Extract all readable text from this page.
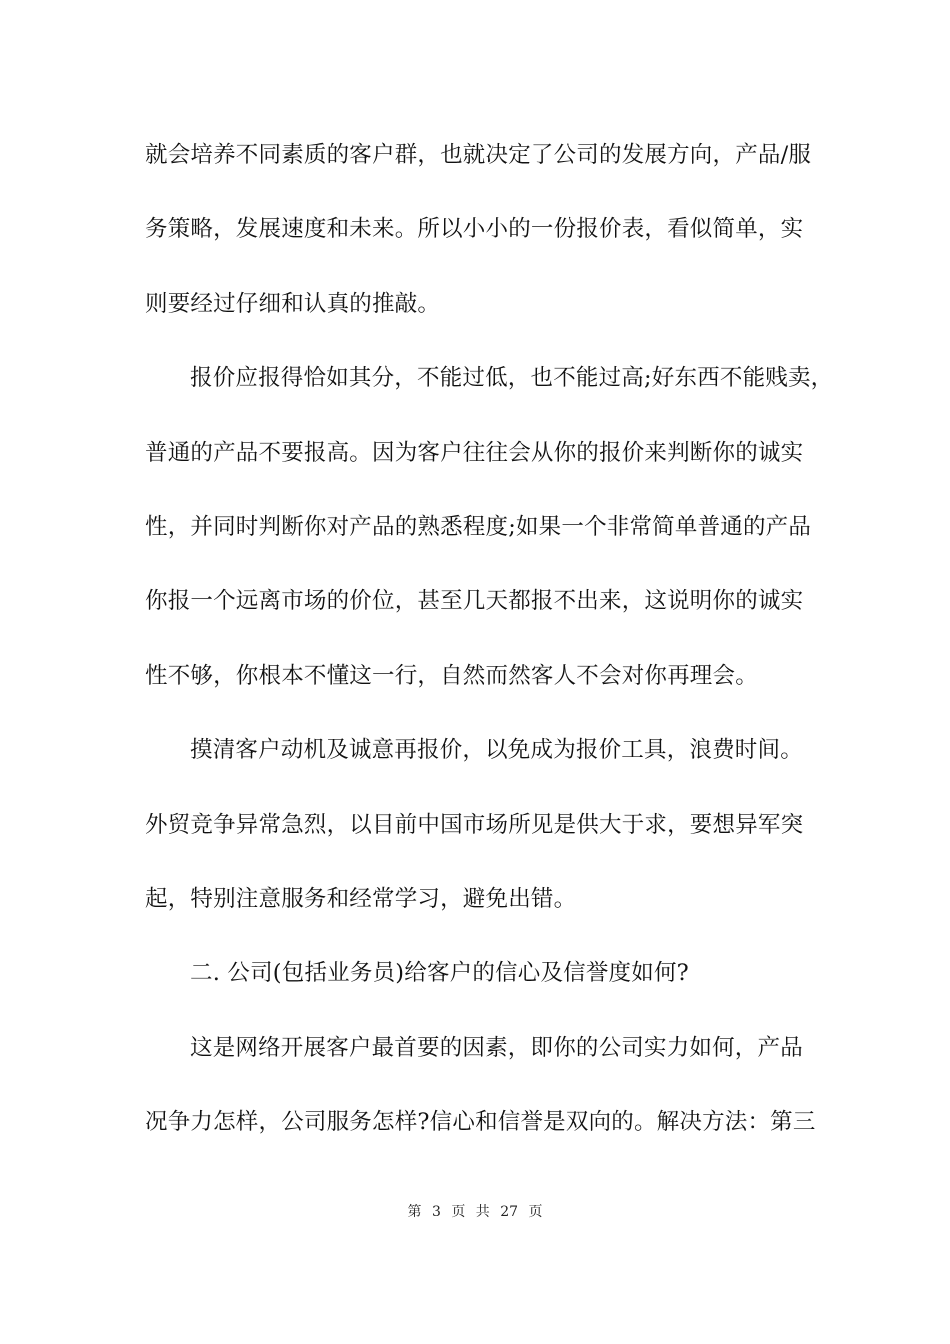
就会培养不同素质的客户群，也就决定了公司的发展方向，产品/服
务策略，发展速度和未来。所以小小的一份报价表，看似简单，实
则要经过仔细和认真的推敲。
报价应报得恰如其分，不能过低，也不能过高;好东西不能贱卖，
普通的产品不要报高。因为客户往往会从你的报价来判断你的诚实
性，并同时判断你对产品的熟悉程度;如果一个非常简单普通的产品
你报一个远离市场的价位，甚至几天都报不出来，这说明你的诚实
性不够，你根本不懂这一行，自然而然客人不会对你再理会。
摸清客户动机及诚意再报价，以免成为报价工具，浪费时间。
外贸竞争异常急烈，以目前中国市场所见是供大于求，要想异军突
起，特别注意服务和经常学习，避免出错。
二. 公司(包括业务员)给客户的信心及信誉度如何?
这是网络开展客户最首要的因素，即你的公司实力如何，产品
况争力怎样，公司服务怎样?信心和信誉是双向的。解决方法：第三
第 3 页 共 27 页
